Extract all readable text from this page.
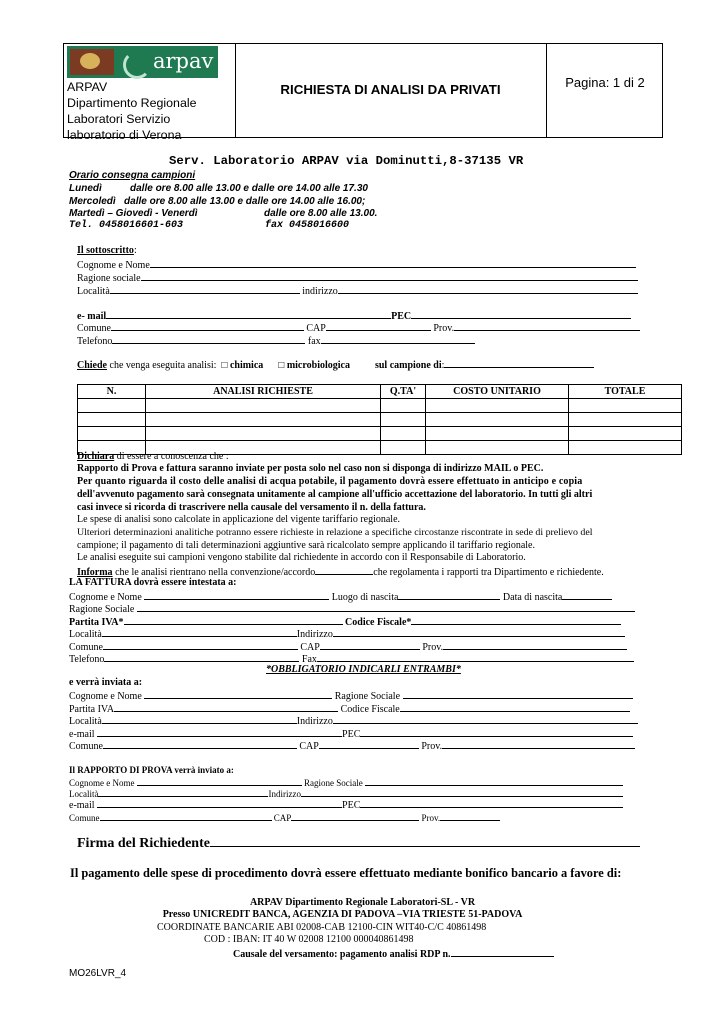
arpav
ARPAV
Dipartimento Regionale
Laboratori Servizio
laboratorio di Verona
RICHIESTA DI ANALISI DA PRIVATI	Pagina: 1 di 2
Serv. Laboratorio ARPAV via Dominutti,8-37135 VR
Orario consegna campioni
Lunedì	dalle ore 8.00 alle 13.00 e dalle ore 14.00 alle 17.30
Mercoledì dalle ore 8.00 alle 13.00 e dalle ore 14.00 alle 16.00;
Martedì – Giovedì - Venerdì	dalle ore 8.00 alle 13.00.
Tel. 0458016601-603	fax 0458016600
Il sottoscritto:
Cognome e Nome
Ragione sociale
Località	indirizzo
e- mail	PEC
Comune	CAP	Prov.
Telefono	fax
Chiede che venga eseguita analisi: □ chimica □ microbiologica	sul campione di:
N.	ANALISI RICHIESTE	Q.TA'	COSTO UNITARIO	TOTALE

Dichiara di essere a conoscenza che :
Rapporto di Prova e fattura saranno inviate per posta solo nel caso non si disponga di indirizzo MAIL o PEC.
Per quanto riguarda il costo delle analisi di acqua potabile, il pagamento dovrà essere effettuato in anticipo e copia
dell'avvenuto pagamento sarà consegnata unitamente al campione all'ufficio accettazione del laboratorio. In tutti gli altri
casi invece si ricorda di trascrivere nella causale del versamento il n. della fattura.
Le spese di analisi sono calcolate in applicazione del vigente tariffario regionale.
Ulteriori determinazioni analitiche potranno essere richieste in relazione a specifiche circostanze riscontrate in sede di prelievo del
campione; il pagamento di tali determinazioni aggiuntive sarà ricalcolato sempre applicando il tariffario regionale.
Le analisi eseguite sui campioni vengono stabilite dal richiedente in accordo con il Responsabile di Laboratorio.
Informa che le analisi rientrano nella convenzione/accordo	che regolamenta i rapporti tra Dipartimento e richiedente.
LA FATTURA dovrà essere intestata a:
Cognome e Nome	Luogo di nascita	Data di nascita
Ragione Sociale
Partita IVA*	Codice Fiscale*
Località	Indirizzo
Comune	CAP	Prov.
Telefono	Fax
*OBBLIGATORIO INDICARLI ENTRAMBI*
e verrà inviata a:
Cognome e Nome	Ragione Sociale
Partita IVA	Codice Fiscale
Località	Indirizzo
e-mail	PEC
Comune	CAP	Prov.
Il RAPPORTO DI PROVA verrà inviato a:
Cognome e Nome	Ragione Sociale
Località	Indirizzo
e-mail	PEC
Comune	CAP	Prov.
Firma del Richiedente
Il pagamento delle spese di procedimento dovrà essere effettuato mediante bonifico bancario a favore di:
ARPAV Dipartimento Regionale Laboratori-SL - VR
Presso UNICREDIT BANCA, AGENZIA DI PADOVA –VIA TRIESTE 51-PADOVA
COORDINATE BANCARIE ABI 02008-CAB 12100-CIN WIT40-C/C 40861498
COD : IBAN: IT 40 W 02008 12100 000040861498
Causale del versamento: pagamento analisi RDP n.
MO26LVR_4
